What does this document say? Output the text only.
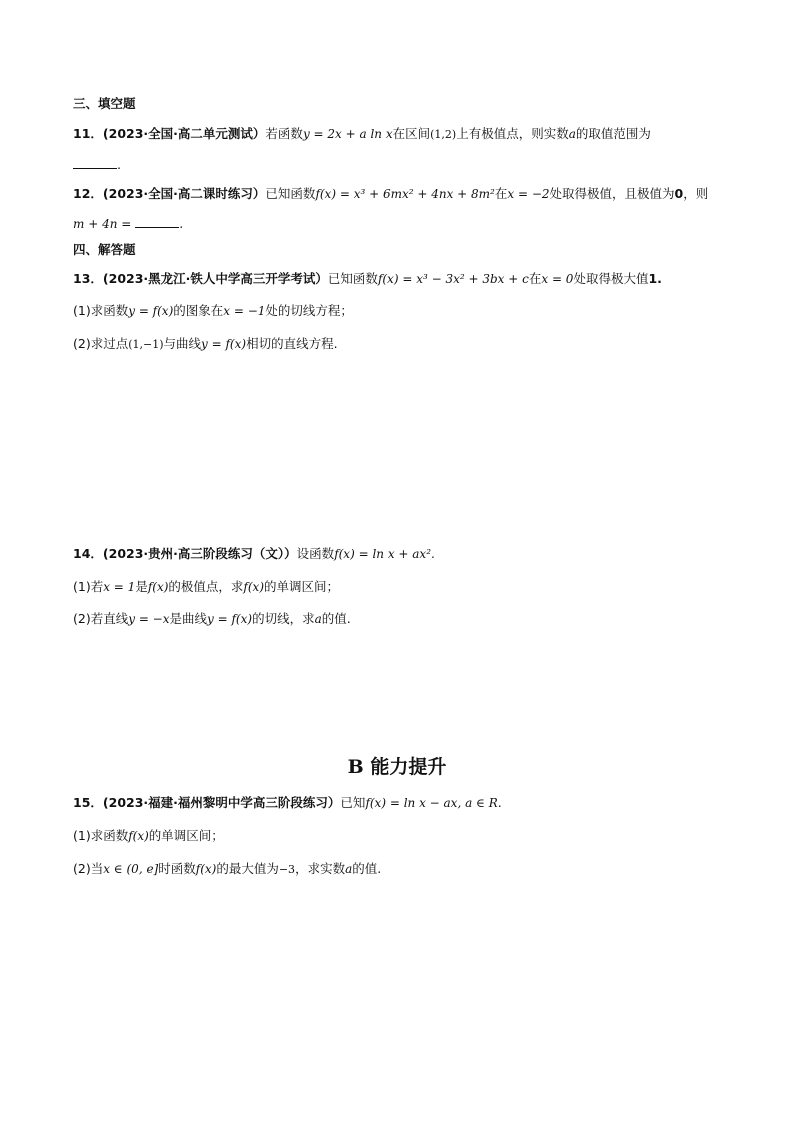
三、填空题
11．(2023·全国·高二单元测试）若函数y = 2x + a ln x在区间(1,2)上有极值点，则实数a的取值范围为
.
12．(2023·全国·高二课时练习）已知函数f(x) = x³ + 6mx² + 4nx + 8m²在x = −2处取得极值，且极值为0，则
m + 4n =	.
四、解答题
13．(2023·黑龙江·铁人中学高三开学考试）已知函数f(x) = x³ − 3x² + 3bx + c在x = 0处取得极大值1.
(1)求函数y = f(x)的图象在x = −1处的切线方程；
(2)求过点(1,−1)与曲线y = f(x)相切的直线方程.
14．(2023·贵州·高三阶段练习（文））设函数f(x) = ln x + ax².
(1)若x = 1是f(x)的极值点，求f(x)的单调区间；
(2)若直线y = −x是曲线y = f(x)的切线，求a的值.
B 能力提升
15．(2023·福建·福州黎明中学高三阶段练习）已知f(x) = ln x − ax, a ∈ R.
(1)求函数f(x)的单调区间；
(2)当x ∈ (0, e]时函数f(x)的最大值为−3，求实数a的值.
